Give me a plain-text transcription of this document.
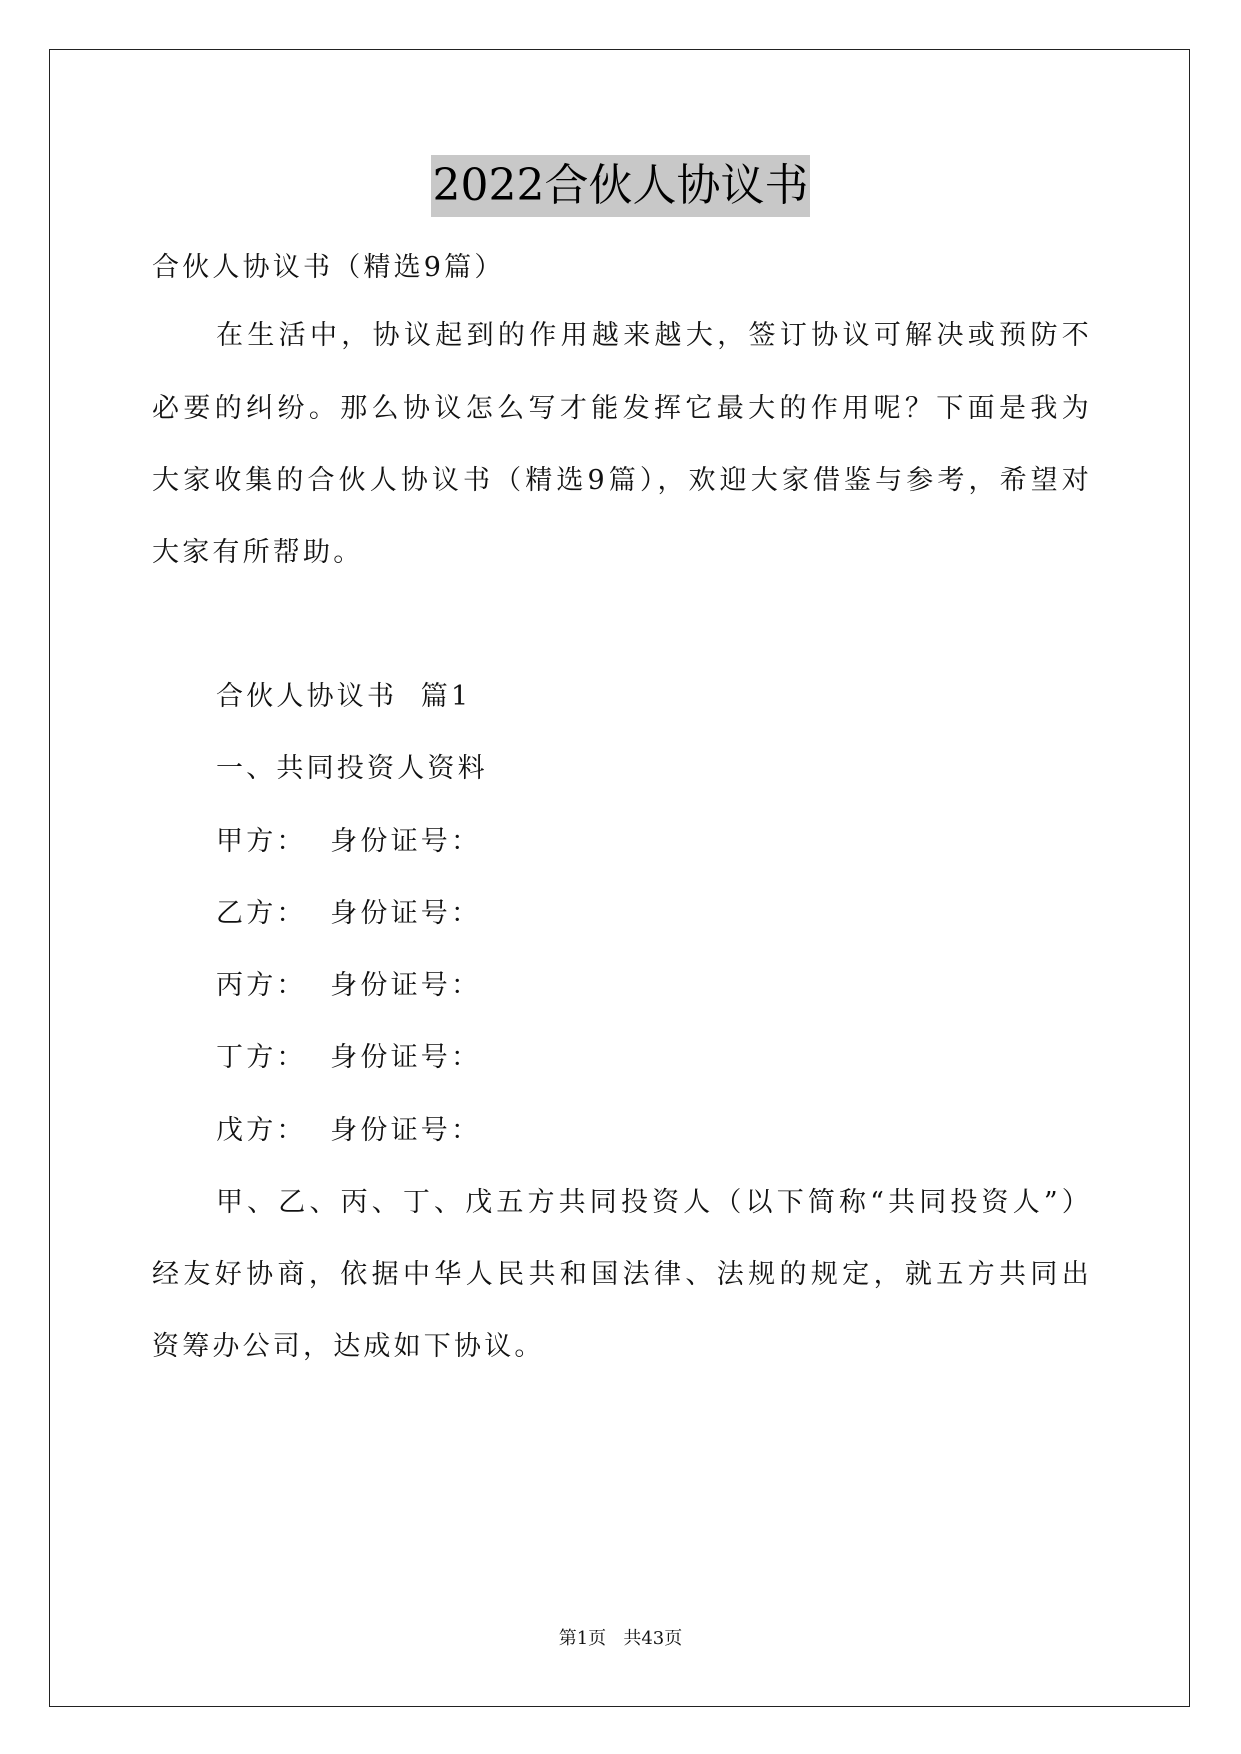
2022合伙人协议书
合伙人协议书（精选9篇）
在生活中，协议起到的作用越来越大，签订协议可解决或预防不
必要的纠纷。那么协议怎么写才能发挥它最大的作用呢？下面是我为
大家收集的合伙人协议书（精选9篇），欢迎大家借鉴与参考，希望对
大家有所帮助。
合伙人协议书  篇1
一、共同投资人资料
甲方：  身份证号：
乙方：  身份证号：
丙方：  身份证号：
丁方：  身份证号：
戊方：  身份证号：
甲、乙、丙、丁、戊五方共同投资人（以下简称“共同投资人”）
经友好协商，依据中华人民共和国法律、法规的规定，就五方共同出
资筹办公司，达成如下协议。
第1页   共43页
